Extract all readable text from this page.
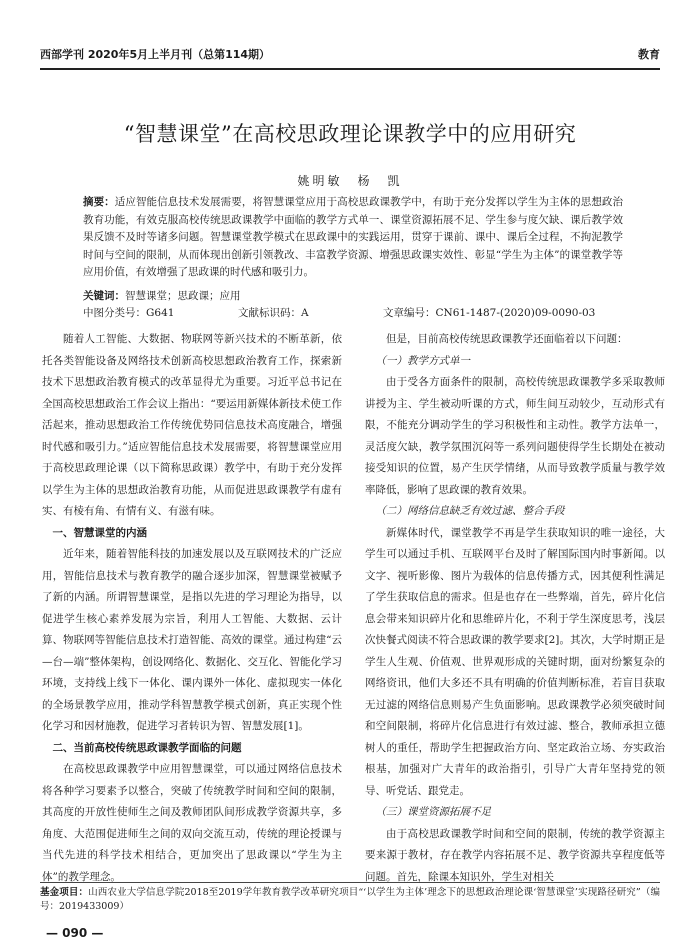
西部学刊 2020年5月上半月刊（总第114期）	教育
“智慧课堂”在高校思政理论课教学中的应用研究
姚明敏　杨　凯
摘要：适应智能信息技术发展需要，将智慧课堂应用于高校思政课教学中，有助于充分发挥以学生为主体的思想政治教育功能，有效克服高校传统思政课教学中面临的教学方式单一、课堂资源拓展不足、学生参与度欠缺、课后教学效果反馈不及时等诸多问题。智慧课堂教学模式在思政课中的实践运用，贯穿于课前、课中、课后全过程，不拘泥教学时间与空间的限制，从而体现出创新引领教改、丰富教学资源、增强思政课实效性、彰显“学生为主体”的课堂教学等应用价值，有效增强了思政课的时代感和吸引力。
关键词：智慧课堂；思政课；应用
中图分类号：G641	文献标识码：A	文章编号：CN61-1487-(2020)09-0090-03

随着人工智能、大数据、物联网等新兴技术的不断革新，依托各类智能设备及网络技术创新高校思想政治教育工作，探索新技术下思想政治教育模式的改革显得尤为重要。习近平总书记在全国高校思想政治工作会议上指出：“要运用新媒体新技术使工作活起来，推动思想政治工作传统优势同信息技术高度融合，增强时代感和吸引力。”适应智能信息技术发展需要，将智慧课堂应用于高校思政理论课（以下简称思政课）教学中，有助于充分发挥以学生为主体的思想政治教育功能，从而促进思政课教学有虚有实、有棱有角、有情有义、有滋有味。

一、智慧课堂的内涵

近年来，随着智能科技的加速发展以及互联网技术的广泛应用，智能信息技术与教育教学的融合逐步加深，智慧课堂被赋予了新的内涵。所谓智慧课堂，是指以先进的学习理论为指导，以促进学生核心素养发展为宗旨，利用人工智能、大数据、云计算、物联网等智能信息技术打造智能、高效的课堂。通过构建“云—台—端”整体架构，创设网络化、数据化、交互化、智能化学习环境，支持线上线下一体化、课内课外一体化、虚拟现实一体化的全场景教学应用，推动学科智慧教学模式创新，真正实现个性化学习和因材施教，促进学习者转识为智、智慧发展[1]。

二、当前高校传统思政课教学面临的问题

在高校思政课教学中应用智慧课堂，可以通过网络信息技术将各种学习要素予以整合，突破了传统教学时间和空间的限制，其高度的开放性使师生之间及教师团队间形成教学资源共享，多角度、大范围促进师生之间的双向交流互动，传统的理论授课与当代先进的科学技术相结合，更加突出了思政课以“学生为主体”的教学理念。

但是，目前高校传统思政课教学还面临着以下问题：

（一）教学方式单一

由于受各方面条件的限制，高校传统思政课教学多采取教师讲授为主、学生被动听课的方式，师生间互动较少，互动形式有限，不能充分调动学生的学习积极性和主动性。教学方法单一，灵活度欠缺，教学氛围沉闷等一系列问题使得学生长期处在被动接受知识的位置，易产生厌学情绪，从而导致教学质量与教学效率降低，影响了思政课的教育效果。

（二）网络信息缺乏有效过滤、整合手段

新媒体时代，课堂教学不再是学生获取知识的唯一途径，大学生可以通过手机、互联网平台及时了解国际国内时事新闻。以文字、视听影像、图片为载体的信息传播方式，因其便利性满足了学生获取信息的需求。但是也存在一些弊端，首先，碎片化信息会带来知识碎片化和思维碎片化，不利于学生深度思考，浅层次快餐式阅读不符合思政课的教学要求[2]。其次，大学时期正是学生人生观、价值观、世界观形成的关键时期，面对纷繁复杂的网络资讯，他们大多还不具有明确的价值判断标准，若盲目获取无过滤的网络信息则易产生负面影响。思政课教学必须突破时间和空间限制，将碎片化信息进行有效过滤、整合，教师承担立德树人的重任，帮助学生把握政治方向、坚定政治立场、夯实政治根基，加强对广大青年的政治指引，引导广大青年坚持党的领导、听党话、跟党走。

（三）课堂资源拓展不足

由于高校思政课教学时间和空间的限制，传统的教学资源主要来源于教材，存在教学内容拓展不足、教学资源共享程度低等问题。首先，除课本知识外，学生对相关

基金项目：山西农业大学信息学院2018至2019学年教育教学改革研究项目“‘以学生为主体’理念下的思想政治理论课‘智慧课堂’实现路径研究”（编号：2019433009）
— 090 —
